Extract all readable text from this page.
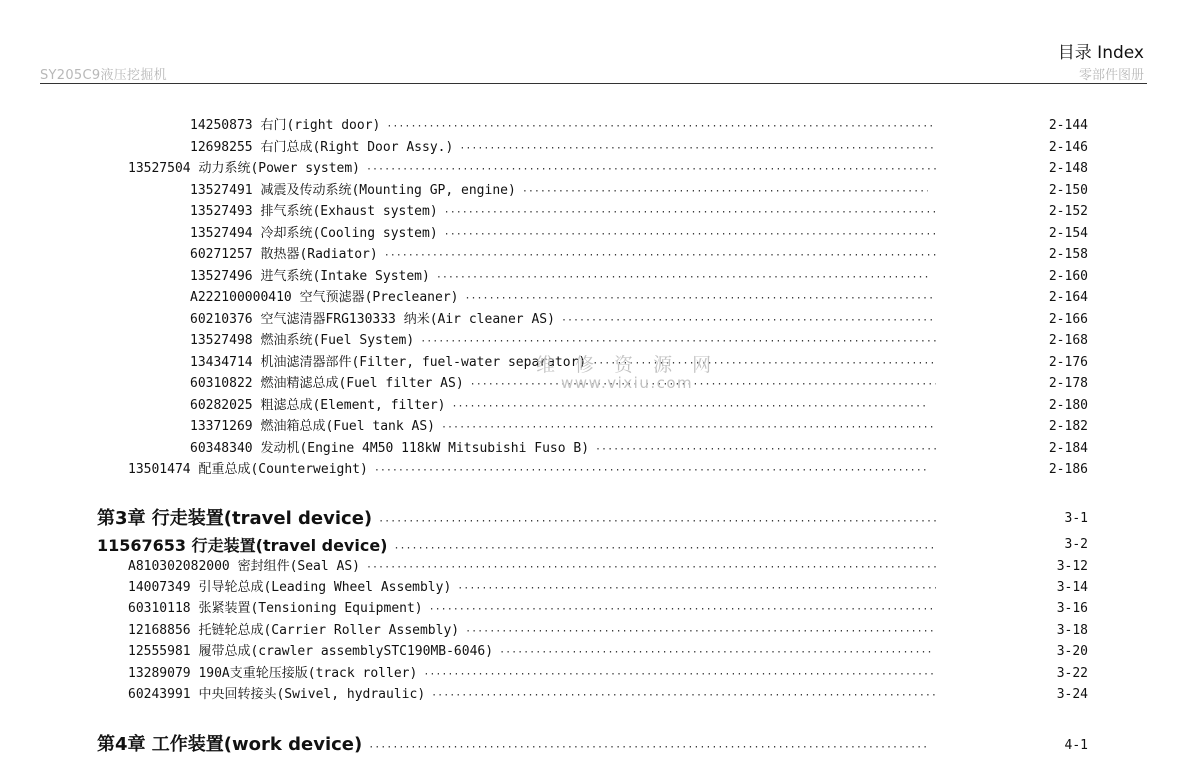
SY205C9液压挖掘机
目录 Index
零部件图册
14250873 右门(right door) ·····	2-144
12698255 右门总成(Right Door Assy.) ·····	2-146
13527504 动力系统(Power system) ·····	2-148
13527491 减震及传动系统(Mounting GP, engine) ·····	2-150
13527493 排气系统(Exhaust system) ·····	2-152
13527494 冷却系统(Cooling system) ·····	2-154
60271257 散热器(Radiator) ·····	2-158
13527496 进气系统(Intake System) ·····	2-160
A222100000410 空气预滤器(Precleaner) ·····	2-164
60210376 空气滤清器FRG130333 纳米(Air cleaner AS) ·····	2-166
13527498 燃油系统(Fuel System) ·····	2-168
13434714 机油滤清器部件(Filter, fuel-water separator) ·····	2-176
60310822 燃油精滤总成(Fuel filter AS) ·····	2-178
60282025 粗滤总成(Element, filter) ·····	2-180
13371269 燃油箱总成(Fuel tank AS) ·····	2-182
60348340 发动机(Engine 4M50 118kW Mitsubishi Fuso B) ·····	2-184
13501474 配重总成(Counterweight) ·····	2-186
第3章 行走装置(travel device) ·····	3-1
11567653 行走装置(travel device) ·····	3-2
A810302082000 密封组件(Seal AS) ·····	3-12
14007349 引导轮总成(Leading Wheel Assembly) ·····	3-14
60310118 张紧装置(Tensioning Equipment) ·····	3-16
12168856 托链轮总成(Carrier Roller Assembly) ·····	3-18
12555981 履带总成(crawler assemblySTC190MB-6046) ·····	3-20
13289079 190A支重轮压接版(track roller) ·····	3-22
60243991 中央回转接头(Swivel, hydraulic) ·····	3-24
第4章 工作装置(work device) ·····	4-1
维 修 资 源 网
www.vixiu.com
